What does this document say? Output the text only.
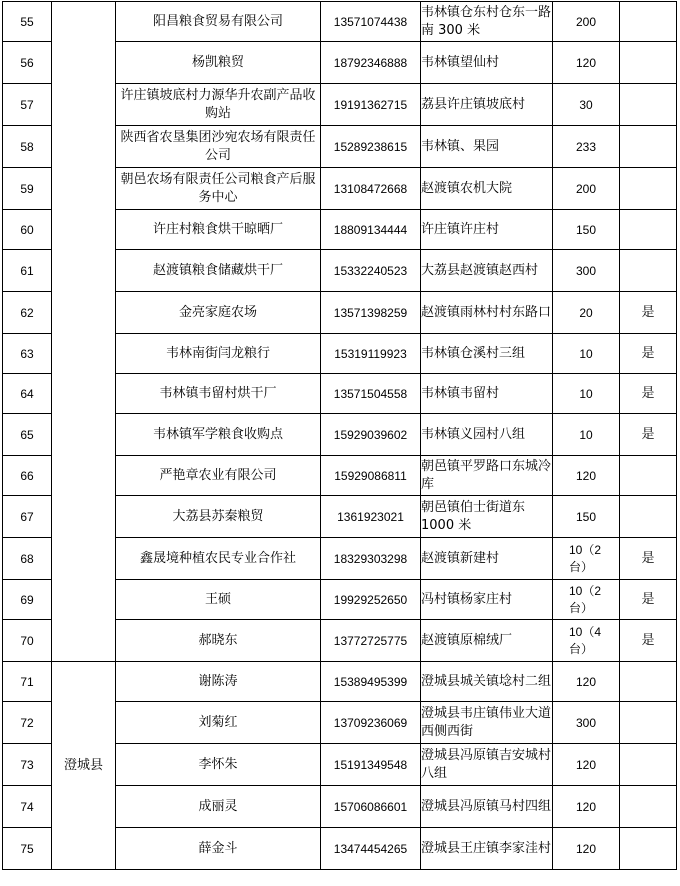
55		阳昌粮食贸易有限公司	13571074438	韦林镇仓东村仓东一路南 300 米	200	
56		杨凯粮贸	18792346888	韦林镇望仙村	120	
57		许庄镇坡底村力源华升农副产品收购站	19191362715	荔县许庄镇坡底村	30	
58		陕西省农垦集团沙宛农场有限责任公司	15289238615	韦林镇、果园	233	
59		朝邑农场有限责任公司粮食产后服务中心	13108472668	赵渡镇农机大院	200	
60		许庄村粮食烘干晾晒厂	18809134444	许庄镇许庄村	150	
61		赵渡镇粮食储藏烘干厂	15332240523	大荔县赵渡镇赵西村	300	
62		金亮家庭农场	13571398259	赵渡镇雨林村村东路口	20	是
63		韦林南街闫龙粮行	15319119923	韦林镇仓溪村三组	10	是
64		韦林镇韦留村烘干厂	13571504558	韦林镇韦留村	10	是
65		韦林镇军学粮食收购点	15929039602	韦林镇义园村八组	10	是
66		严艳章农业有限公司	15929086811	朝邑镇平罗路口东城冷库	120	
67		大荔县苏秦粮贸	1361923021	朝邑镇伯士街道东1000 米	150	
68		鑫晟境种植农民专业合作社	18329303298	赵渡镇新建村	10（2台）	是
69		王硕	19929252650	冯村镇杨家庄村	10（2台）	是
70		郝晓东	13772725775	赵渡镇原棉绒厂	10（4台）	是
71	澄城县	谢陈涛	15389495399	澄城县城关镇埝村二组	120	
72		刘菊红	13709236069	澄城县韦庄镇伟业大道西侧西街	300	
73		李怀朱	15191349548	澄城县冯原镇吉安城村八组	120	
74		成丽灵	15706086601	澄城县冯原镇马村四组	120	
75		薛金斗	13474454265	澄城县王庄镇李家洼村	120	
